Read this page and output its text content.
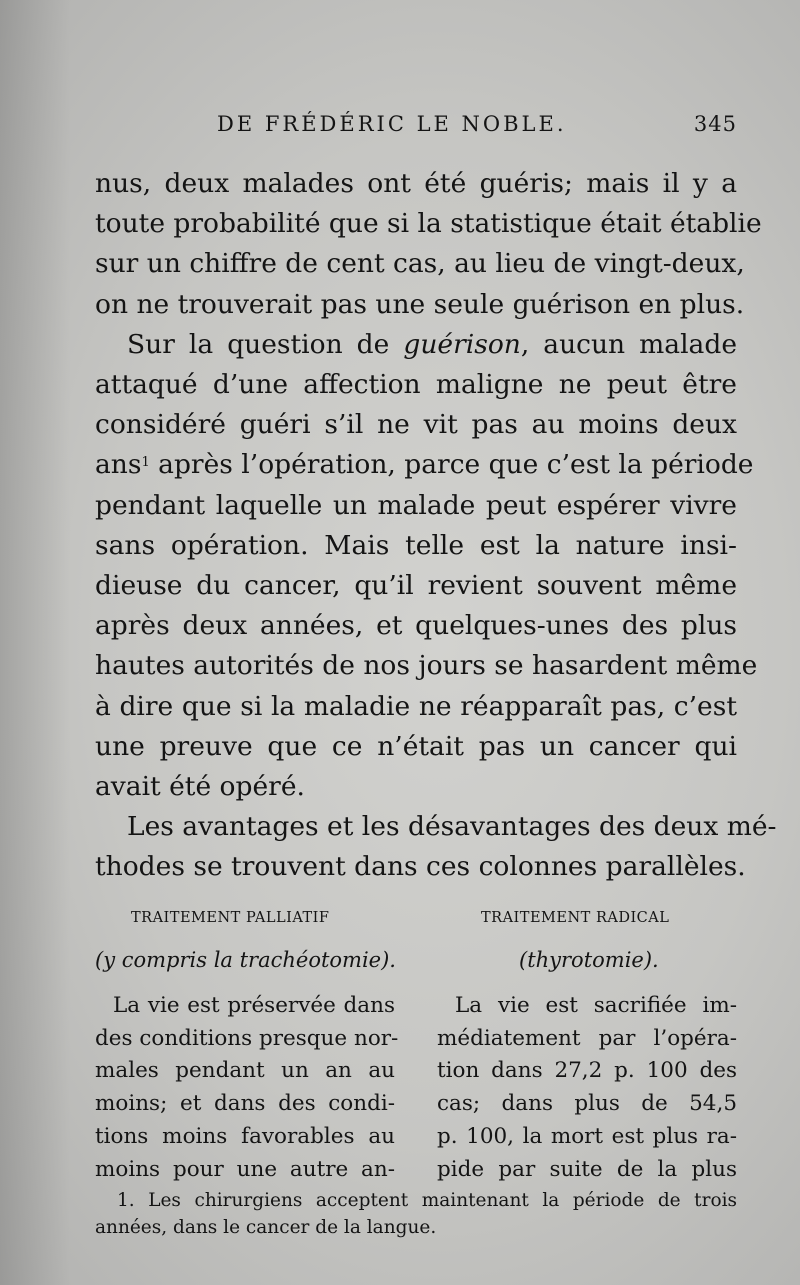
DE FRÉDÉRIC LE NOBLE.	345
nus, deux malades ont été guéris; mais il y a
toute probabilité que si la statistique était établie
sur un chiffre de cent cas, au lieu de vingt-deux,
on ne trouverait pas une seule guérison en plus.
Sur la question de guérison, aucun malade
attaqué d’une affection maligne ne peut être
considéré guéri s’il ne vit pas au moins deux
ans$^1$ après l’opération, parce que c’est la période
pendant laquelle un malade peut espérer vivre
sans opération. Mais telle est la nature insi-
dieuse du cancer, qu’il revient souvent même
après deux années, et quelques-unes des plus
hautes autorités de nos jours se hasardent même
à dire que si la maladie ne réapparaît pas, c’est
une preuve que ce n’était pas un cancer qui
avait été opéré.
Les avantages et les désavantages des deux mé-
thodes se trouvent dans ces colonnes parallèles.
TRAITEMENT PALLIATIF	TRAITEMENT RADICAL
(y compris la trachéotomie).	(thyrotomie).
La vie est préservée dans
des conditions presque nor-
males pendant un an au
moins; et dans des condi-
tions moins favorables au
moins pour une autre an-
La vie est sacrifiée im-
médiatement par l’opéra-
tion dans 27,2 p. 100 des
cas; dans plus de 54,5
p. 100, la mort est plus ra-
pide par suite de la plus
1. Les chirurgiens acceptent maintenant la période de trois
années, dans le cancer de la langue.
